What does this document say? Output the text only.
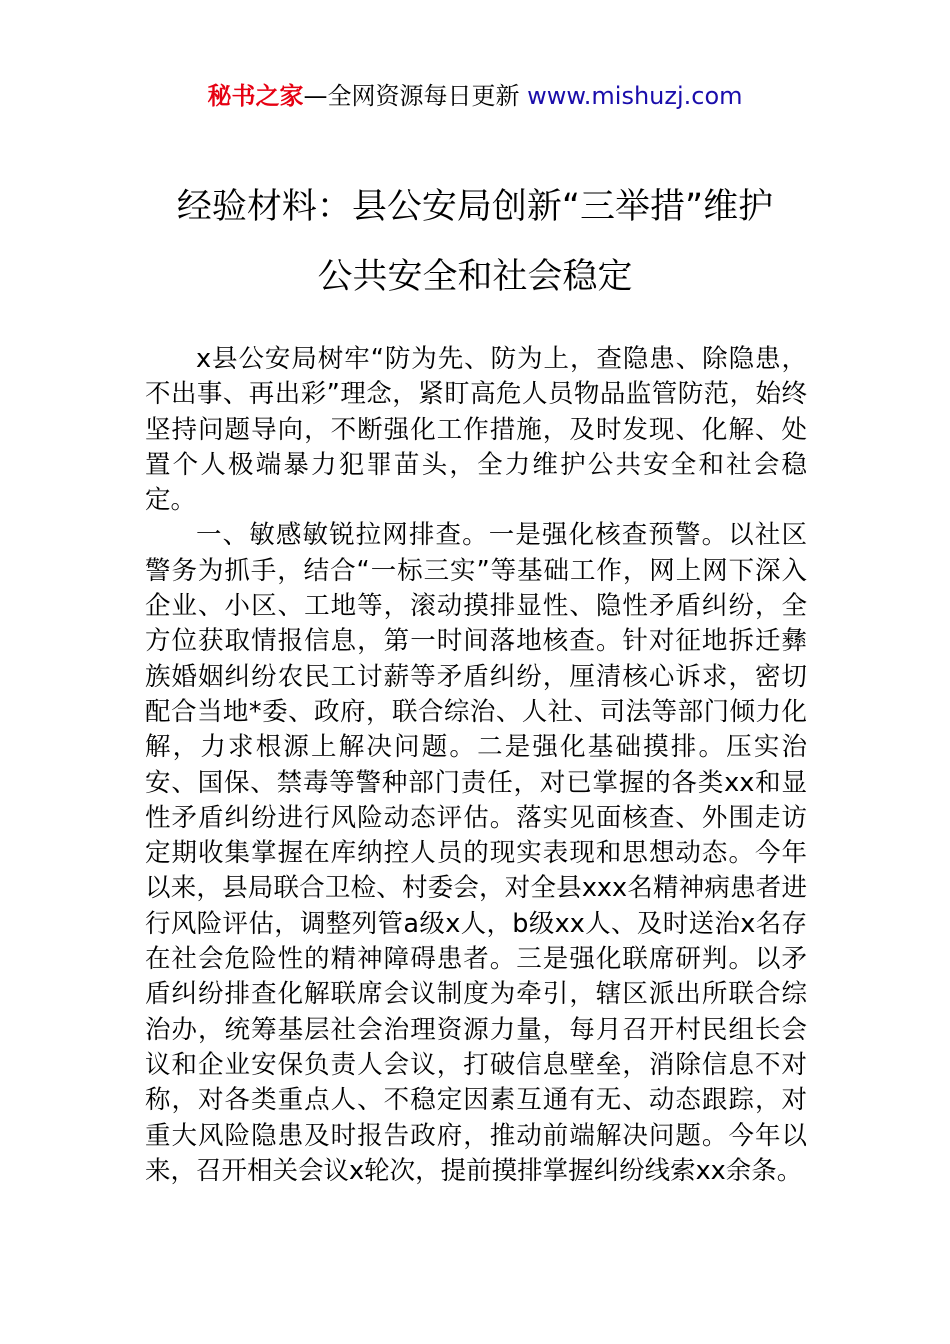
秘书之家—全网资源每日更新 www.mishuzj.com
经验材料：县公安局创新“三举措”维护
公共安全和社会稳定

x县公安局树牢“防为先、防为上，查隐患、除隐患，不出事、再出彩”理念，紧盯高危人员物品监管防范，始终坚持问题导向，不断强化工作措施，及时发现、化解、处置个人极端暴力犯罪苗头，全力维护公共安全和社会稳定。

一、敏感敏锐拉网排查。一是强化核查预警。以社区警务为抓手，结合“一标三实”等基础工作，网上网下深入企业、小区、工地等，滚动摸排显性、隐性矛盾纠纷，全方位获取情报信息，第一时间落地核查。针对征地拆迁彝族婚姻纠纷农民工讨薪等矛盾纠纷，厘清核心诉求，密切配合当地*委、政府，联合综治、人社、司法等部门倾力化解，力求根源上解决问题。二是强化基础摸排。压实治安、国保、禁毒等警种部门责任，对已掌握的各类xx和显性矛盾纠纷进行风险动态评估。落实见面核查、外围走访定期收集掌握在库纳控人员的现实表现和思想动态。今年以来，县局联合卫检、村委会，对全县xxx名精神病患者进行风险评估，调整列管a级x人，b级xx人、及时送治x名存在社会危险性的精神障碍患者。三是强化联席研判。以矛盾纠纷排查化解联席会议制度为牵引，辖区派出所联合综治办，统筹基层社会治理资源力量，每月召开村民组长会议和企业安保负责人会议，打破信息壁垒，消除信息不对称，对各类重点人、不稳定因素互通有无、动态跟踪，对重大风险隐患及时报告政府，推动前端解决问题。今年以来，召开相关会议x轮次，提前摸排掌握纠纷线索xx余条。
